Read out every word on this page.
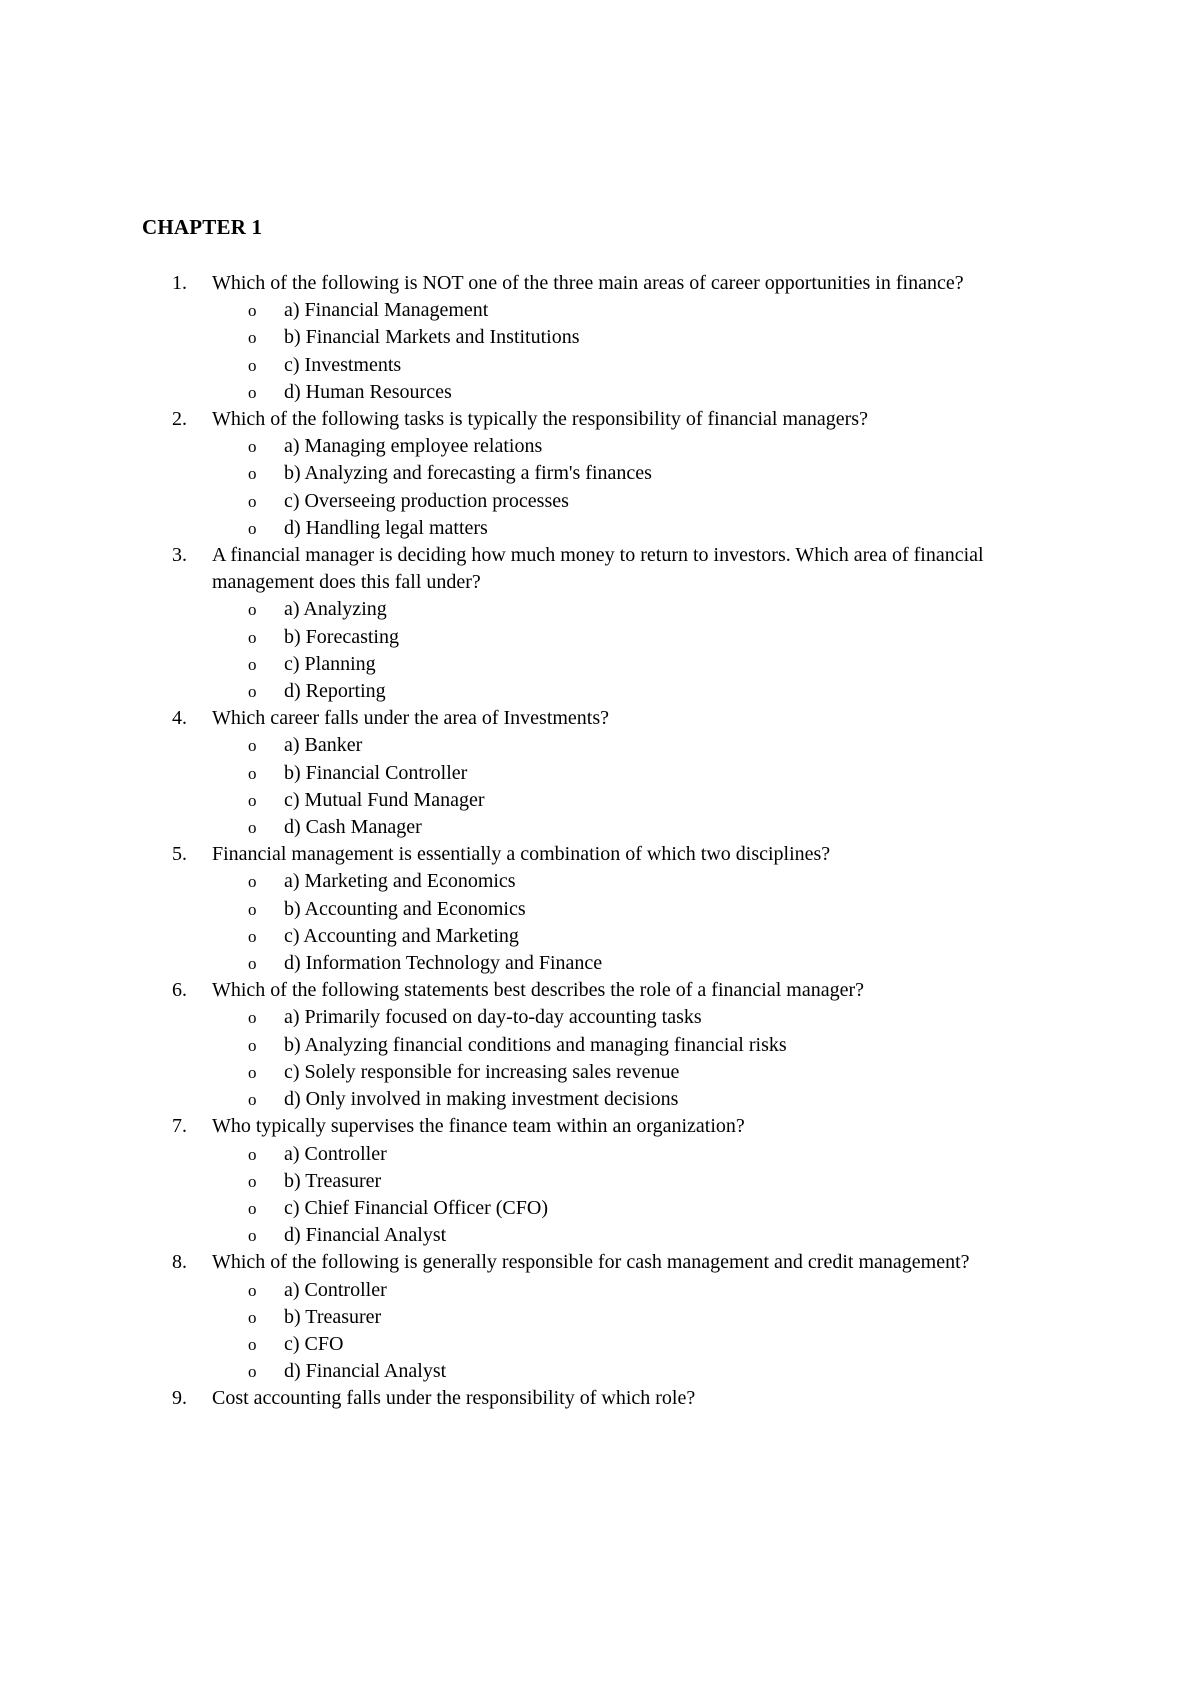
CHAPTER 1
1. Which of the following is NOT one of the three main areas of career opportunities in finance?
o a) Financial Management
o b) Financial Markets and Institutions
o c) Investments
o d) Human Resources
2. Which of the following tasks is typically the responsibility of financial managers?
o a) Managing employee relations
o b) Analyzing and forecasting a firm's finances
o c) Overseeing production processes
o d) Handling legal matters
3. A financial manager is deciding how much money to return to investors. Which area of financial management does this fall under?
o a) Analyzing
o b) Forecasting
o c) Planning
o d) Reporting
4. Which career falls under the area of Investments?
o a) Banker
o b) Financial Controller
o c) Mutual Fund Manager
o d) Cash Manager
5. Financial management is essentially a combination of which two disciplines?
o a) Marketing and Economics
o b) Accounting and Economics
o c) Accounting and Marketing
o d) Information Technology and Finance
6. Which of the following statements best describes the role of a financial manager?
o a) Primarily focused on day-to-day accounting tasks
o b) Analyzing financial conditions and managing financial risks
o c) Solely responsible for increasing sales revenue
o d) Only involved in making investment decisions
7. Who typically supervises the finance team within an organization?
o a) Controller
o b) Treasurer
o c) Chief Financial Officer (CFO)
o d) Financial Analyst
8. Which of the following is generally responsible for cash management and credit management?
o a) Controller
o b) Treasurer
o c) CFO
o d) Financial Analyst
9. Cost accounting falls under the responsibility of which role?
